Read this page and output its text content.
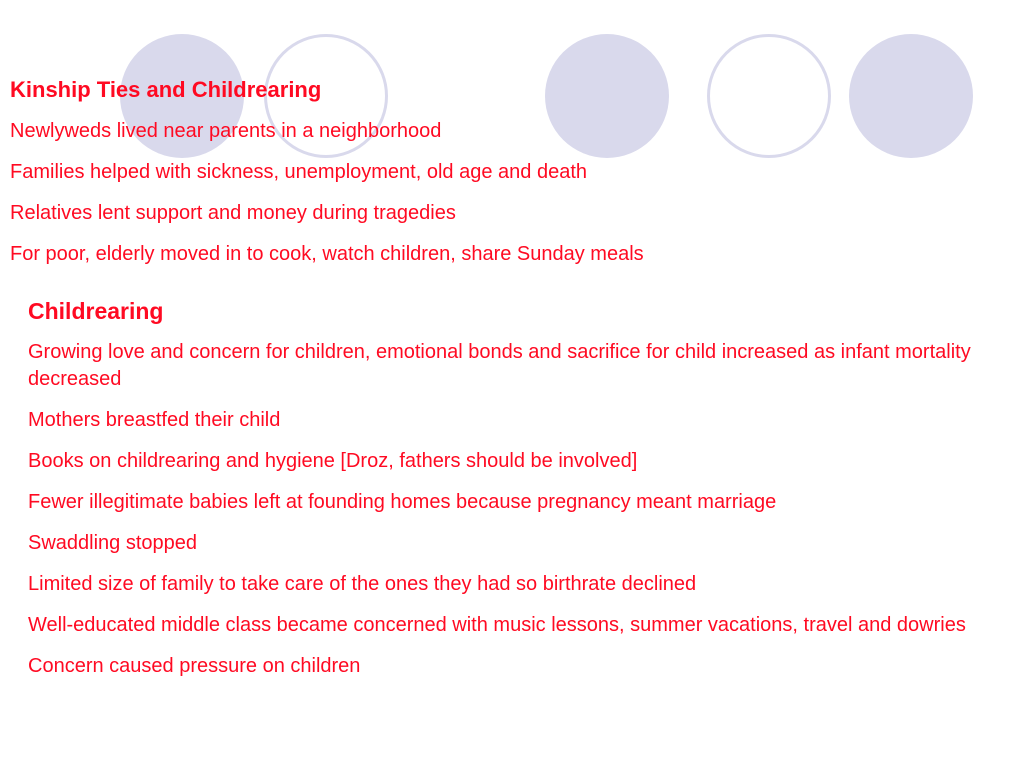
Kinship Ties and Childrearing
Newlyweds lived near parents in a neighborhood
Families helped with sickness, unemployment, old age and death
Relatives lent support and money during tragedies
For poor, elderly moved in to cook, watch children, share Sunday meals
Childrearing
Growing love and concern for children, emotional bonds and sacrifice for child increased as infant mortality decreased
Mothers breastfed their child
Books on childrearing and hygiene [Droz, fathers should be involved]
Fewer illegitimate babies left at founding homes because pregnancy meant marriage
Swaddling stopped
Limited size of family to take care of the ones they had so birthrate declined
Well-educated middle class became concerned with music lessons, summer vacations, travel and dowries
Concern caused pressure on children
